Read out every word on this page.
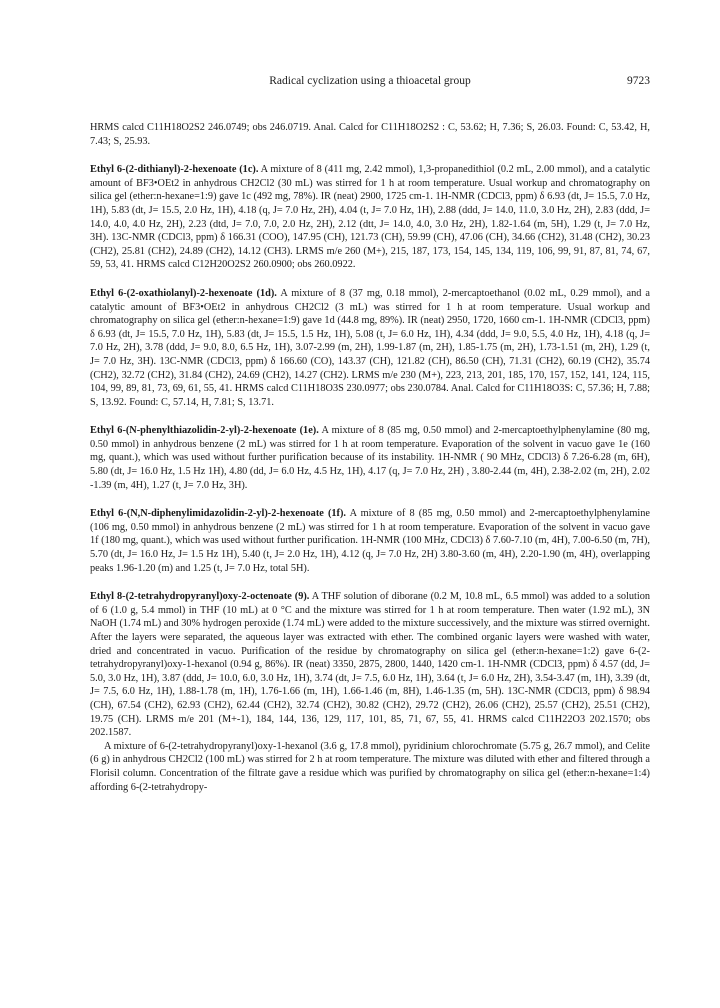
Radical cyclization using a thioacetal group	9723

HRMS calcd C11H18O2S2 246.0749; obs 246.0719. Anal. Calcd for C11H18O2S2 : C, 53.62; H, 7.36; S, 26.03. Found: C, 53.42, H, 7.43; S, 25.93.

Ethyl 6-(2-dithianyl)-2-hexenoate (1c). A mixture of 8 (411 mg, 2.42 mmol), 1,3-propanedithiol (0.2 mL, 2.00 mmol), and a catalytic amount of BF3•OEt2 in anhydrous CH2Cl2 (30 mL) was stirred for 1 h at room temperature. Usual workup and chromatography on silica gel (ether:n-hexane=1:9) gave 1c (492 mg, 78%). IR (neat) 2900, 1725 cm-1. 1H-NMR (CDCl3, ppm) δ 6.93 (dt, J= 15.5, 7.0 Hz, 1H), 5.83 (dt, J= 15.5, 2.0 Hz, 1H), 4.18 (q, J= 7.0 Hz, 2H), 4.04 (t, J= 7.0 Hz, 1H), 2.88 (ddd, J= 14.0, 11.0, 3.0 Hz, 2H), 2.83 (ddd, J= 14.0, 4.0, 4.0 Hz, 2H), 2.23 (dtd, J= 7.0, 7.0, 2.0 Hz, 2H), 2.12 (dtt, J= 14.0, 4.0, 3.0 Hz, 2H), 1.82-1.64 (m, 5H), 1.29 (t, J= 7.0 Hz, 3H). 13C-NMR (CDCl3, ppm) δ 166.31 (COO), 147.95 (CH), 121.73 (CH), 59.99 (CH), 47.06 (CH), 34.66 (CH2), 31.48 (CH2), 30.23 (CH2), 25.81 (CH2), 24.89 (CH2), 14.12 (CH3). LRMS m/e 260 (M+), 215, 187, 173, 154, 145, 134, 119, 106, 99, 91, 87, 81, 74, 67, 59, 53, 41. HRMS calcd C12H20O2S2 260.0900; obs 260.0922.

Ethyl 6-(2-oxathiolanyl)-2-hexenoate (1d). A mixture of 8 (37 mg, 0.18 mmol), 2-mercaptoethanol (0.02 mL, 0.29 mmol), and a catalytic amount of BF3•OEt2 in anhydrous CH2Cl2 (3 mL) was stirred for 1 h at room temperature. Usual workup and chromatography on silica gel (ether:n-hexane=1:9) gave 1d (44.8 mg, 89%). IR (neat) 2950, 1720, 1660 cm-1. 1H-NMR (CDCl3, ppm) δ 6.93 (dt, J= 15.5, 7.0 Hz, 1H), 5.83 (dt, J= 15.5, 1.5 Hz, 1H), 5.08 (t, J= 6.0 Hz, 1H), 4.34 (ddd, J= 9.0, 5.5, 4.0 Hz, 1H), 4.18 (q, J= 7.0 Hz, 2H), 3.78 (ddd, J= 9.0, 8.0, 6.5 Hz, 1H), 3.07-2.99 (m, 2H), 1.99-1.87 (m, 2H), 1.85-1.75 (m, 2H), 1.73-1.51 (m, 2H), 1.29 (t, J= 7.0 Hz, 3H). 13C-NMR (CDCl3, ppm) δ 166.60 (CO), 143.37 (CH), 121.82 (CH), 86.50 (CH), 71.31 (CH2), 60.19 (CH2), 35.74 (CH2), 32.72 (CH2), 31.84 (CH2), 24.69 (CH2), 14.27 (CH2). LRMS m/e 230 (M+), 223, 213, 201, 185, 170, 157, 152, 141, 124, 115, 104, 99, 89, 81, 73, 69, 61, 55, 41. HRMS calcd C11H18O3S 230.0977; obs 230.0784. Anal. Calcd for C11H18O3S: C, 57.36; H, 7.88; S, 13.92. Found: C, 57.14, H, 7.81; S, 13.71.

Ethyl 6-(N-phenylthiazolidin-2-yl)-2-hexenoate (1e). A mixture of 8 (85 mg, 0.50 mmol) and 2-mercaptoethylphenylamine (80 mg, 0.50 mmol) in anhydrous benzene (2 mL) was stirred for 1 h at room temperature. Evaporation of the solvent in vacuo gave 1e (160 mg, quant.), which was used without further purification because of its instability. 1H-NMR ( 90 MHz, CDCl3) δ 7.26-6.28 (m, 6H), 5.80 (dt, J= 16.0 Hz, 1.5 Hz 1H), 4.80 (dd, J= 6.0 Hz, 4.5 Hz, 1H), 4.17 (q, J= 7.0 Hz, 2H) , 3.80-2.44 (m, 4H), 2.38-2.02 (m, 2H), 2.02 -1.39 (m, 4H), 1.27 (t, J= 7.0 Hz, 3H).

Ethyl 6-(N,N-diphenylimidazolidin-2-yl)-2-hexenoate (1f). A mixture of 8 (85 mg, 0.50 mmol) and 2-mercaptoethylphenylamine (106 mg, 0.50 mmol) in anhydrous benzene (2 mL) was stirred for 1 h at room temperature. Evaporation of the solvent in vacuo gave 1f (180 mg, quant.), which was used without further purification. 1H-NMR (100 MHz, CDCl3) δ 7.60-7.10 (m, 4H), 7.00-6.50 (m, 7H), 5.70 (dt, J= 16.0 Hz, J= 1.5 Hz 1H), 5.40 (t, J= 2.0 Hz, 1H), 4.12 (q, J= 7.0 Hz, 2H) 3.80-3.60 (m, 4H), 2.20-1.90 (m, 4H), overlapping peaks 1.96-1.20 (m) and 1.25 (t, J= 7.0 Hz, total 5H).

Ethyl 8-(2-tetrahydropyranyl)oxy-2-octenoate (9). A THF solution of diborane (0.2 M, 10.8 mL, 6.5 mmol) was added to a solution of 6 (1.0 g, 5.4 mmol) in THF (10 mL) at 0 °C and the mixture was stirred for 1 h at room temperature. Then water (1.92 mL), 3N NaOH (1.74 mL) and 30% hydrogen peroxide (1.74 mL) were added to the mixture successively, and the mixture was stirred overnight. After the layers were separated, the aqueous layer was extracted with ether. The combined organic layers were washed with water, dried and concentrated in vacuo. Purification of the residue by chromatography on silica gel (ether:n-hexane=1:2) gave 6-(2-tetrahydropyranyl)oxy-1-hexanol (0.94 g, 86%). IR (neat) 3350, 2875, 2800, 1440, 1420 cm-1. 1H-NMR (CDCl3, ppm) δ 4.57 (dd, J= 5.0, 3.0 Hz, 1H), 3.87 (ddd, J= 10.0, 6.0, 3.0 Hz, 1H), 3.74 (dt, J= 7.5, 6.0 Hz, 1H), 3.64 (t, J= 6.0 Hz, 2H), 3.54-3.47 (m, 1H), 3.39 (dt, J= 7.5, 6.0 Hz, 1H), 1.88-1.78 (m, 1H), 1.76-1.66 (m, 1H), 1.66-1.46 (m, 8H), 1.46-1.35 (m, 5H). 13C-NMR (CDCl3, ppm) δ 98.94 (CH), 67.54 (CH2), 62.93 (CH2), 62.44 (CH2), 32.74 (CH2), 30.82 (CH2), 29.72 (CH2), 26.06 (CH2), 25.57 (CH2), 25.51 (CH2), 19.75 (CH). LRMS m/e 201 (M+-1), 184, 144, 136, 129, 117, 101, 85, 71, 67, 55, 41. HRMS calcd C11H22O3 202.1570; obs 202.1587.

A mixture of 6-(2-tetrahydropyranyl)oxy-1-hexanol (3.6 g, 17.8 mmol), pyridinium chlorochromate (5.75 g, 26.7 mmol), and Celite (6 g) in anhydrous CH2Cl2 (100 mL) was stirred for 2 h at room temperature. The mixture was diluted with ether and filtered through a Florisil column. Concentration of the filtrate gave a residue which was purified by chromatography on silica gel (ether:n-hexane=1:4) affording 6-(2-tetrahydropy-
